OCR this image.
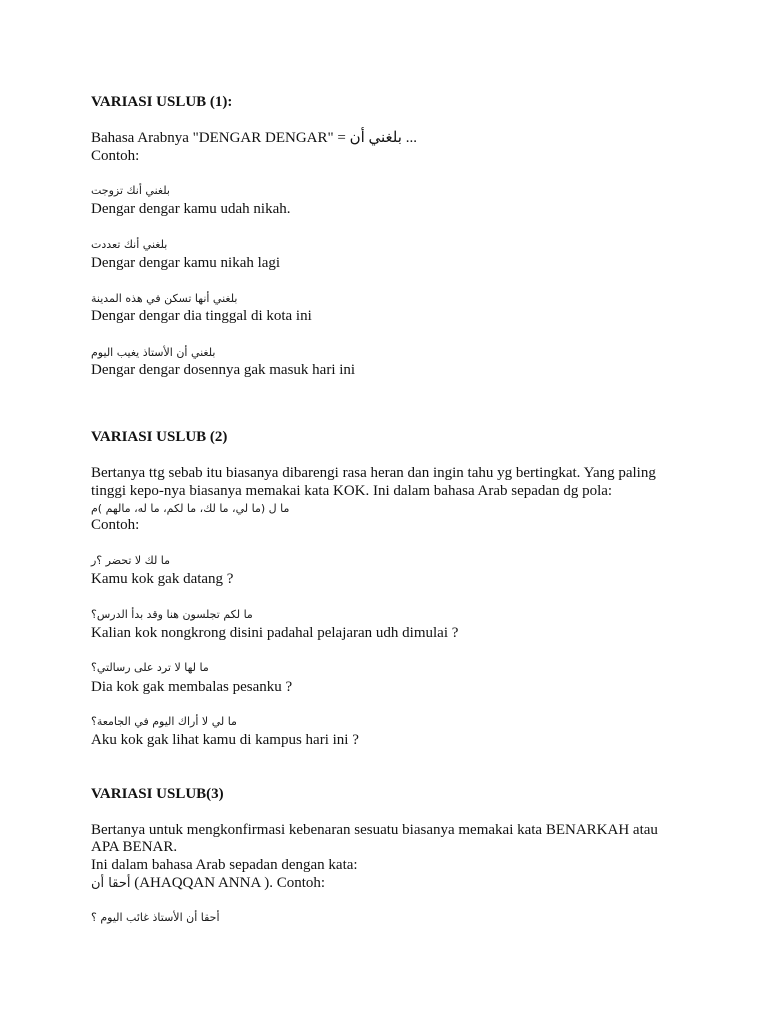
VARIASI USLUB (1):
Bahasa Arabnya "DENGAR DENGAR" = بلغني أن ...
Contoh:
بلغني أنك تزوجت
Dengar dengar kamu udah nikah.
بلغني أنك تعددت
Dengar dengar kamu nikah lagi
بلغني أنها تسكن في هذه المدينة
Dengar dengar dia tinggal di kota ini
بلغني أن الأستاذ يغيب اليوم
Dengar dengar dosennya gak masuk hari ini
VARIASI USLUB (2)
Bertanya ttg sebab itu biasanya dibarengi rasa heran dan ingin tahu yg bertingkat. Yang paling
tinggi kepo-nya biasanya memakai kata KOK. Ini dalam bahasa Arab sepadan dg pola:
ما ل (ما لي، ما لك، ما لكم، ما له، مالهم )م
Contoh:
ما لك لا تحضر ؟ر
Kamu kok gak datang ?
ما لكم تجلسون هنا وقد بدأ الدرس؟
Kalian kok nongkrong disini padahal pelajaran udh dimulai ?
ما لها لا ترد على رسالتي؟
Dia kok gak membalas pesanku ?
ما لي لا أراك اليوم في الجامعة؟
Aku kok gak lihat kamu di kampus hari ini ?
VARIASI USLUB(3)
Bertanya untuk mengkonfirmasi kebenaran sesuatu biasanya memakai kata BENARKAH atau
APA BENAR.
Ini dalam bahasa Arab sepadan dengan kata:
أحقا أن (AHAQQAN ANNA ). Contoh:
أحقا أن الأستاذ غائب اليوم ؟
